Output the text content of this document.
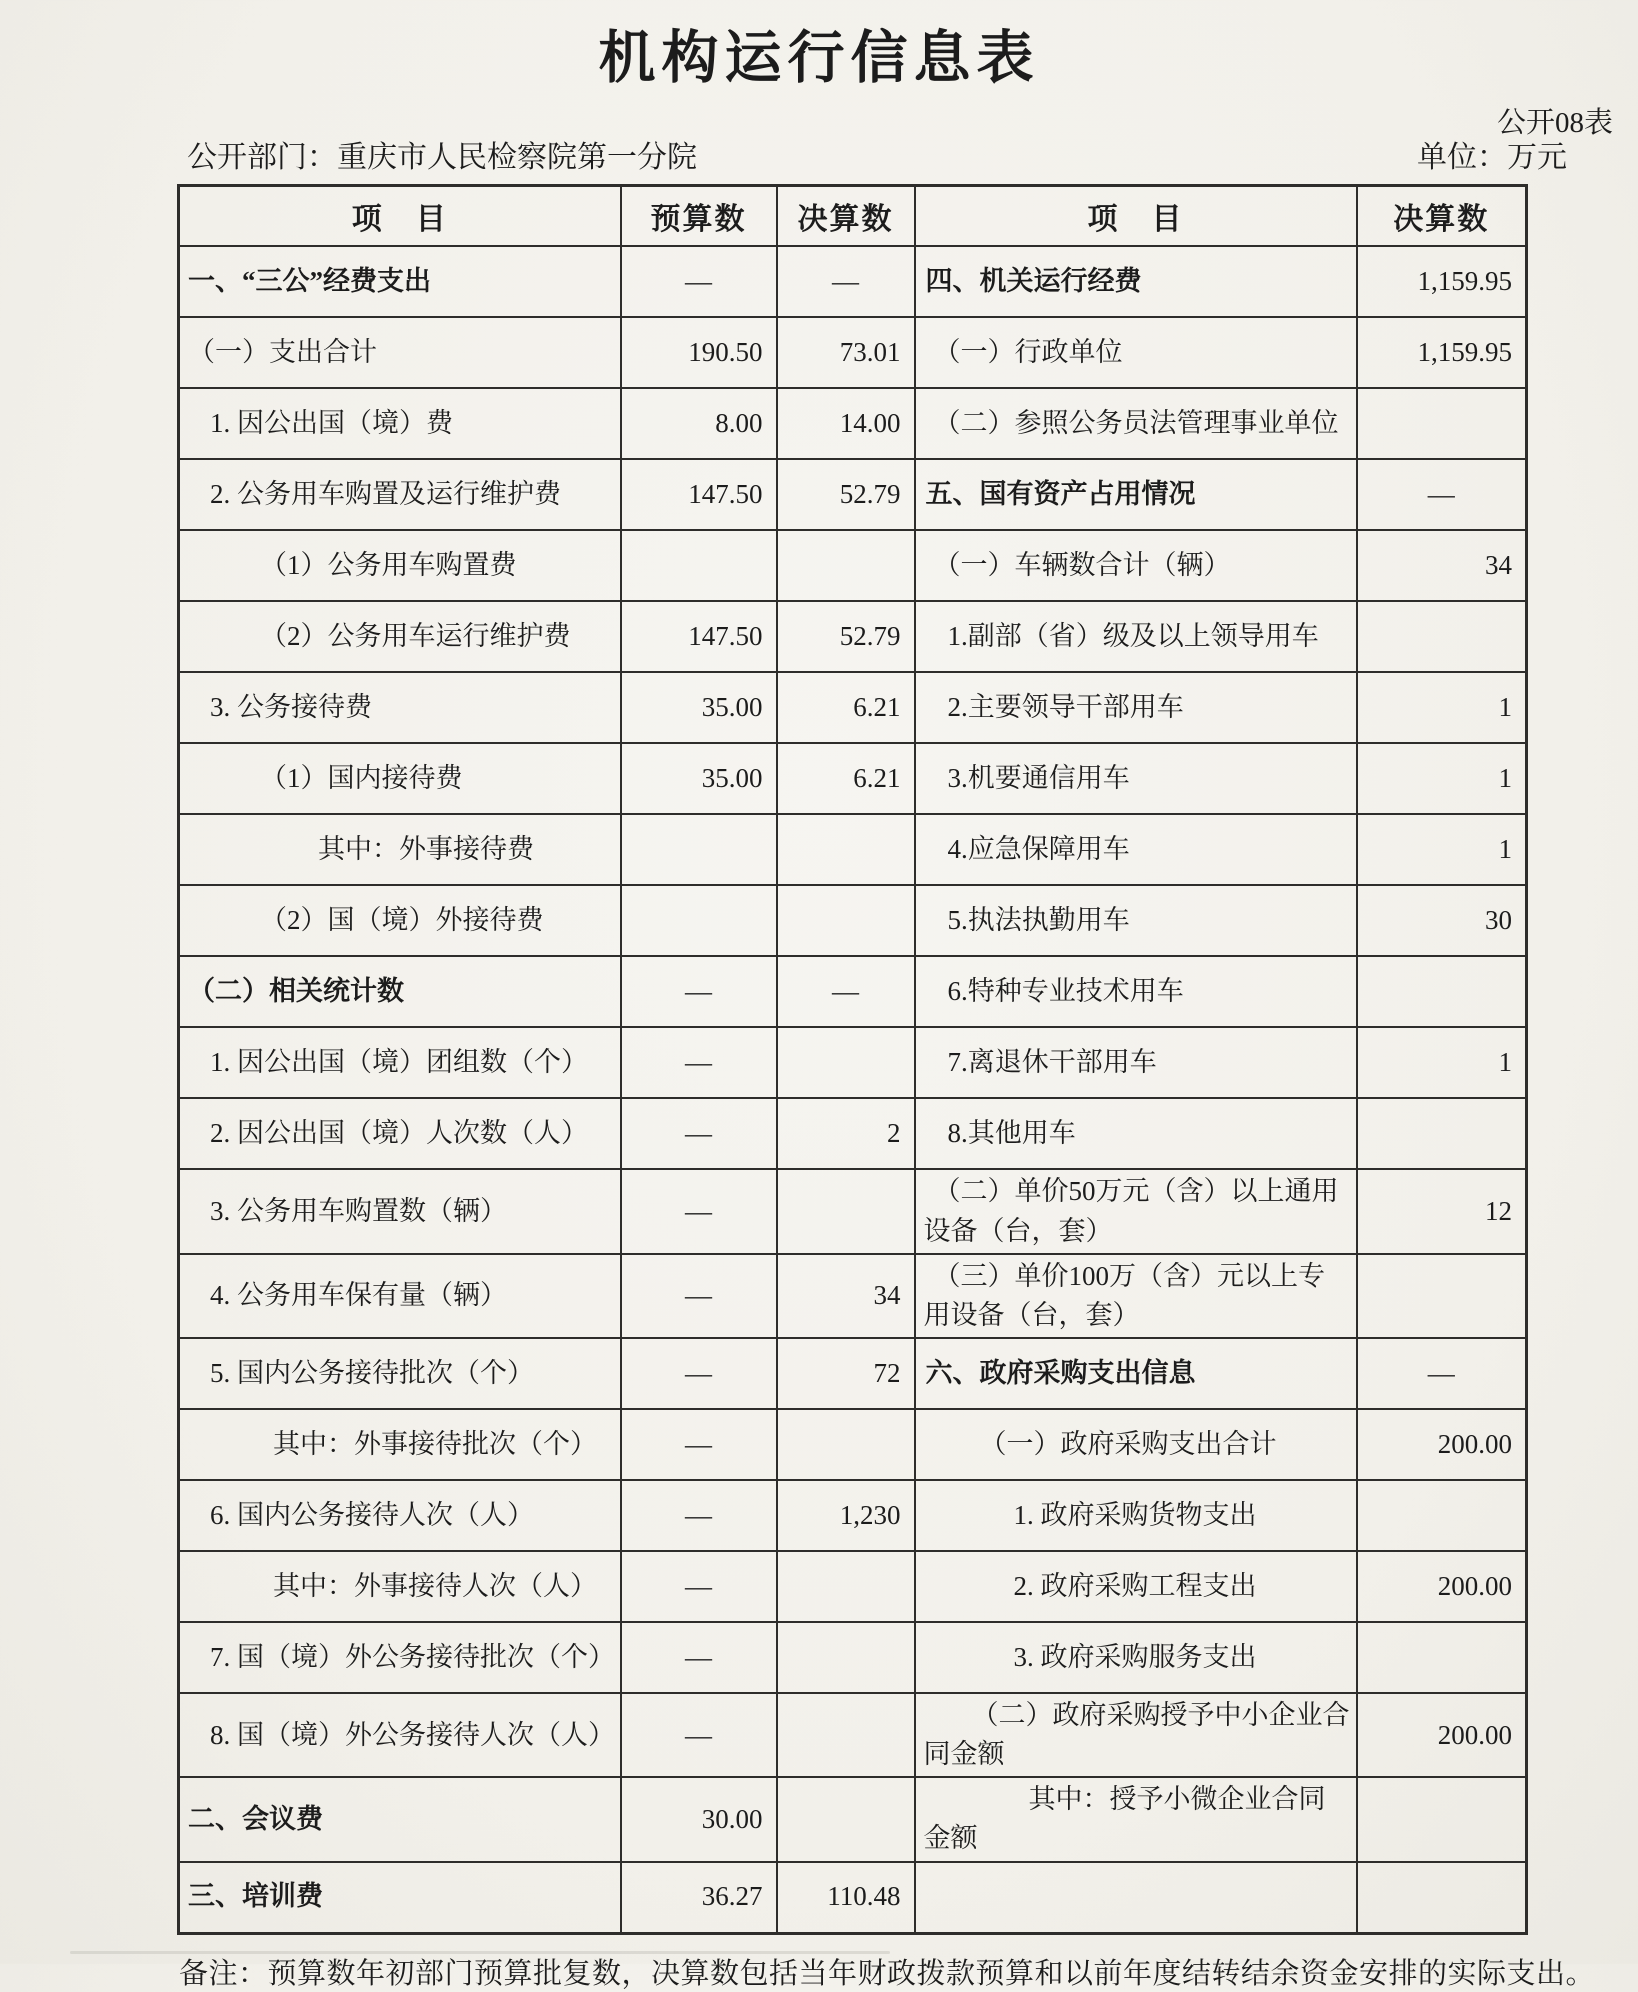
机构运行信息表
公开08表
公开部门：重庆市人民检察院第一分院	单位：万元
项　目	预算数	决算数	项　目	决算数
一、“三公”经费支出	—	—	四、机关运行经费	1,159.95
（一）支出合计	190.50	73.01	（一）行政单位	1,159.95
1. 因公出国（境）费	8.00	14.00	（二）参照公务员法管理事业单位	
2. 公务用车购置及运行维护费	147.50	52.79	五、国有资产占用情况	—
（1）公务用车购置费			（一）车辆数合计（辆）	34
（2）公务用车运行维护费	147.50	52.79	1.副部（省）级及以上领导用车	
3. 公务接待费	35.00	6.21	2.主要领导干部用车	1
（1）国内接待费	35.00	6.21	3.机要通信用车	1
其中：外事接待费			4.应急保障用车	1
（2）国（境）外接待费			5.执法执勤用车	30
（二）相关统计数	—	—	6.特种专业技术用车	
1. 因公出国（境）团组数（个）	—		7.离退休干部用车	1
2. 因公出国（境）人次数（人）	—	2	8.其他用车	
3. 公务用车购置数（辆）	—		（二）单价50万元（含）以上通用设备（台，套）	12
4. 公务用车保有量（辆）	—	34	（三）单价100万（含）元以上专用设备（台，套）	
5. 国内公务接待批次（个）	—	72	六、政府采购支出信息	—
其中：外事接待批次（个）	—		（一）政府采购支出合计	200.00
6. 国内公务接待人次（人）	—	1,230	1. 政府采购货物支出	
其中：外事接待人次（人）	—		2. 政府采购工程支出	200.00
7. 国（境）外公务接待批次（个）	—		3. 政府采购服务支出	
8. 国（境）外公务接待人次（人）	—		（二）政府采购授予中小企业合同金额	200.00
二、会议费	30.00		其中：授予小微企业合同金额	
三、培训费	36.27	110.48		
备注：预算数年初部门预算批复数，决算数包括当年财政拨款预算和以前年度结转结余资金安排的实际支出。
